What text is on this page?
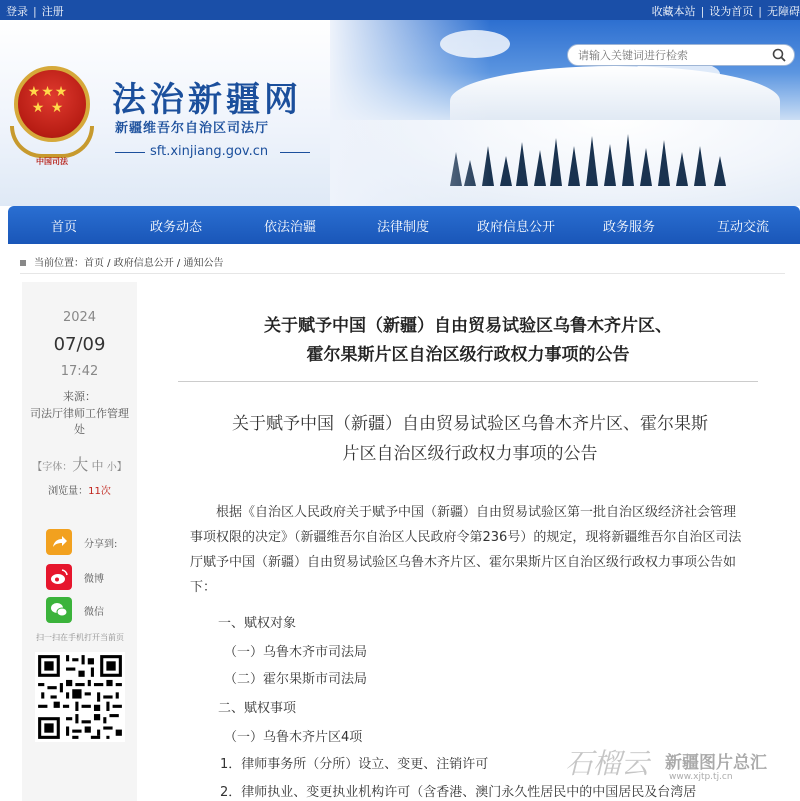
登录 | 注册	收藏本站 | 设为首页 | 无障碍
★★★
★ ★
中国司法
法治新疆网
新疆维吾尔自治区司法厅
sft.xinjiang.gov.cn
请输入关键词进行检索
首页	政务动态	依法治疆	法律制度	政府信息公开	政务服务	互动交流
当前位置：首页 / 政府信息公开 / 通知公告
2024
07/09
17:42
来源：
司法厅律师工作管理处
【字体：大 中 小】
浏览量：11次
分享到:
微博
微信
扫一扫在手机打开当前页
关于赋予中国（新疆）自由贸易试验区乌鲁木齐片区、
霍尔果斯片区自治区级行政权力事项的公告
关于赋予中国（新疆）自由贸易试验区乌鲁木齐片区、霍尔果斯
片区自治区级行政权力事项的公告
根据《自治区人民政府关于赋予中国（新疆）自由贸易试验区第一批自治区级经济社会管理事项权限的决定》（新疆维吾尔自治区人民政府令第236号）的规定，现将新疆维吾尔自治区司法厅赋予中国（新疆）自由贸易试验区乌鲁木齐片区、霍尔果斯片区自治区级行政权力事项公告如下：
一、赋权对象
（一）乌鲁木齐市司法局
（二）霍尔果斯市司法局
二、赋权事项
（一）乌鲁木齐片区4项
1．律师事务所（分所）设立、变更、注销许可
2．律师执业、变更执业机构许可（含香港、澳门永久性居民中的中国居民及台湾居
石榴云 新疆图片总汇
www.xjtp.tj.cn
